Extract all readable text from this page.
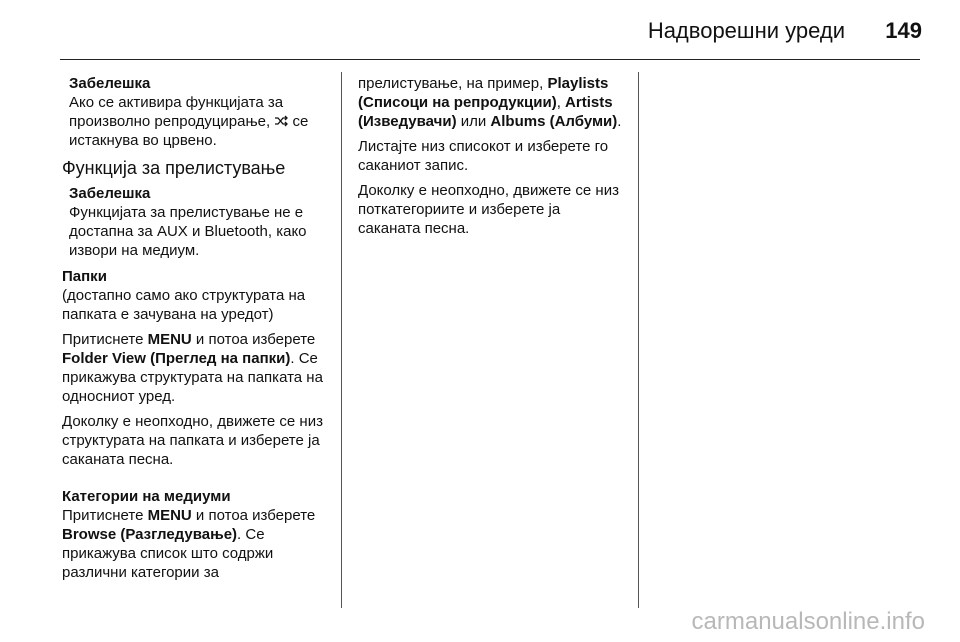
Надворешни уреди 149
Забелешка
Ако се активира функцијата за произволно репродуцирање, се истакнува во црвено.
Функција за прелистување
Забелешка
Функцијата за прелистување не е достапна за AUX и Bluetooth, како извори на медиум.

Папки

(достапно само ако структурата на папката е зачувана на уредот)

Притиснете MENU и потоа изберете Folder View (Преглед на папки). Се прикажува структурата на папката на односниот уред.

Доколку е неопходно, движете се низ структурата на папката и изберете ја саканата песна.

Категории на медиуми

Притиснете MENU и потоа изберете Browse (Разгледување). Се прикажува список што содржи различни категории за

прелистување, на пример, Playlists (Списоци на репродукции), Artists (Изведувачи) или Albums (Албуми).

Листајте низ списокот и изберете го саканиот запис.

Доколку е неопходно, движете се низ поткатегориите и изберете ја саканата песна.

carmanualsonline.info
